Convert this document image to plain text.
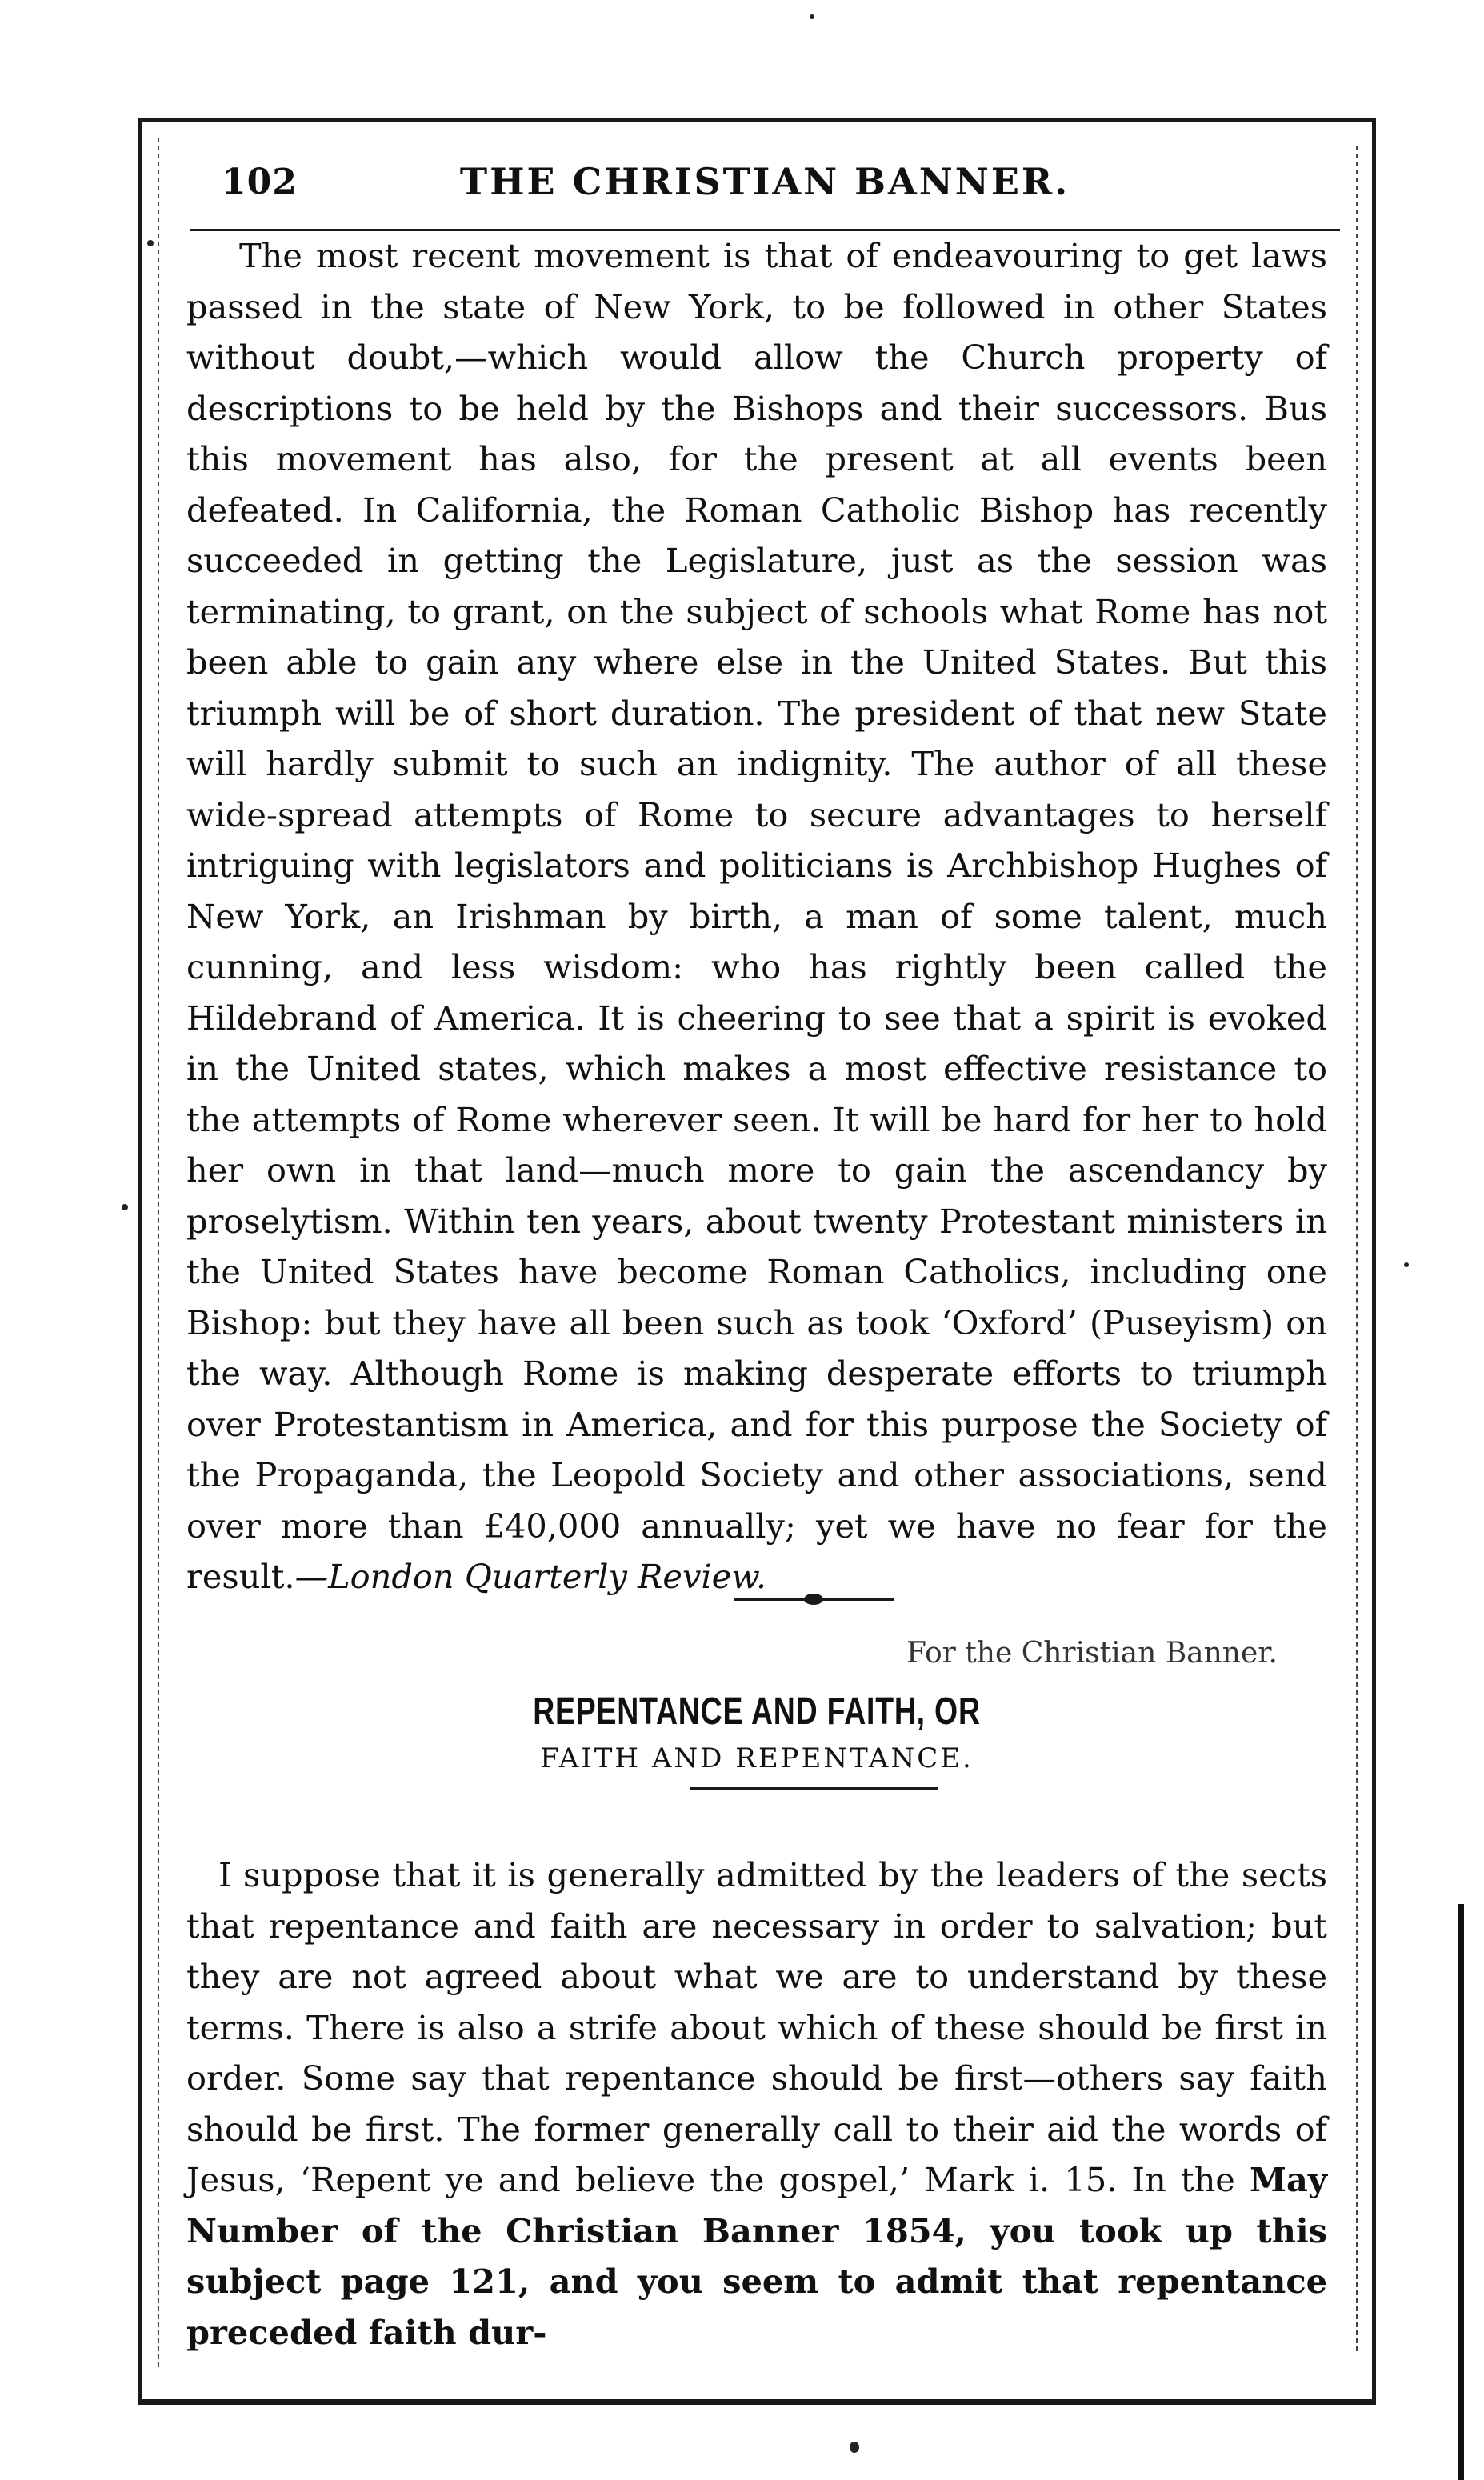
102	THE CHRISTIAN BANNER.

The most recent movement is that of endeavouring to get laws passed in the state of New York, to be followed in other States without doubt,—which would allow the Church property of descriptions to be held by the Bishops and their successors. Bus this movement has also, for the present at all events been defeated. In California, the Roman Catholic Bishop has recently succeeded in getting the Legislature, just as the session was terminating, to grant, on the subject of schools what Rome has not been able to gain any where else in the United States. But this triumph will be of short duration. The president of that new State will hardly submit to such an indignity. The author of all these wide-spread attempts of Rome to secure advantages to herself intriguing with legislators and politicians is Archbishop Hughes of New York, an Irishman by birth, a man of some talent, much cunning, and less wisdom: who has rightly been called the Hildebrand of America. It is cheering to see that a spirit is evoked in the United states, which makes a most effective resistance to the attempts of Rome wherever seen. It will be hard for her to hold her own in that land—much more to gain the ascendancy by proselytism. Within ten years, about twenty Protestant ministers in the United States have become Roman Catholics, including one Bishop: but they have all been such as took ‘Oxford’ (Puseyism) on the way. Although Rome is making desperate efforts to triumph over Protestantism in America, and for this purpose the Society of the Propaganda, the Leopold Society and other associations, send over more than £40,000 annually; yet we have no fear for the result.—London Quarterly Review.

For the Christian Banner.
REPENTANCE AND FAITH, OR
FAITH AND REPENTANCE.

I suppose that it is generally admitted by the leaders of the sects that repentance and faith are necessary in order to salvation; but they are not agreed about what we are to understand by these terms. There is also a strife about which of these should be first in order. Some say that repentance should be first—others say faith should be first. The former generally call to their aid the words of Jesus, ‘Repent ye and believe the gospel,’ Mark i. 15. In the May Number of the Christian Banner 1854, you took up this subject page 121, and you seem to admit that repentance preceded faith dur-
